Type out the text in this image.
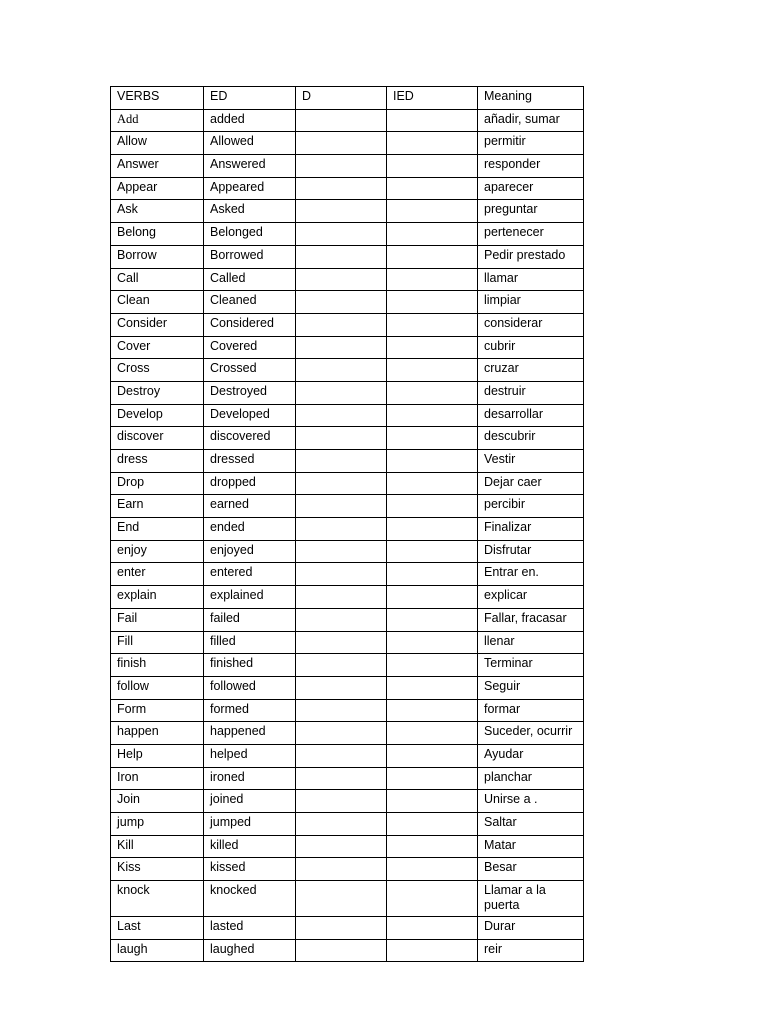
VERBS	ED	D	IED	Meaning
Add	added			añadir, sumar
Allow	Allowed			permitir
Answer	Answered			responder
Appear	Appeared			aparecer
Ask	Asked			preguntar
Belong	Belonged			pertenecer
Borrow	Borrowed			Pedir prestado
Call	Called			llamar
Clean	Cleaned			limpiar
Consider	Considered			considerar
Cover	Covered			cubrir
Cross	Crossed			cruzar
Destroy	Destroyed			destruir
Develop	Developed			desarrollar
discover	discovered			descubrir
dress	dressed			Vestir
Drop	dropped			Dejar caer
Earn	earned			percibir
End	ended			Finalizar
enjoy	enjoyed			Disfrutar
enter	entered			Entrar en.
explain	explained			explicar
Fail	failed			Fallar, fracasar
Fill	filled			llenar
finish	finished			Terminar
follow	followed			Seguir
Form	formed			formar
happen	happened			Suceder, ocurrir
Help	helped			Ayudar
Iron	ironed			planchar
Join	joined			Unirse a .
jump	jumped			Saltar
Kill	killed			Matar
Kiss	kissed			Besar
knock	knocked			Llamar a la puerta
Last	lasted			Durar
laugh	laughed			reir
